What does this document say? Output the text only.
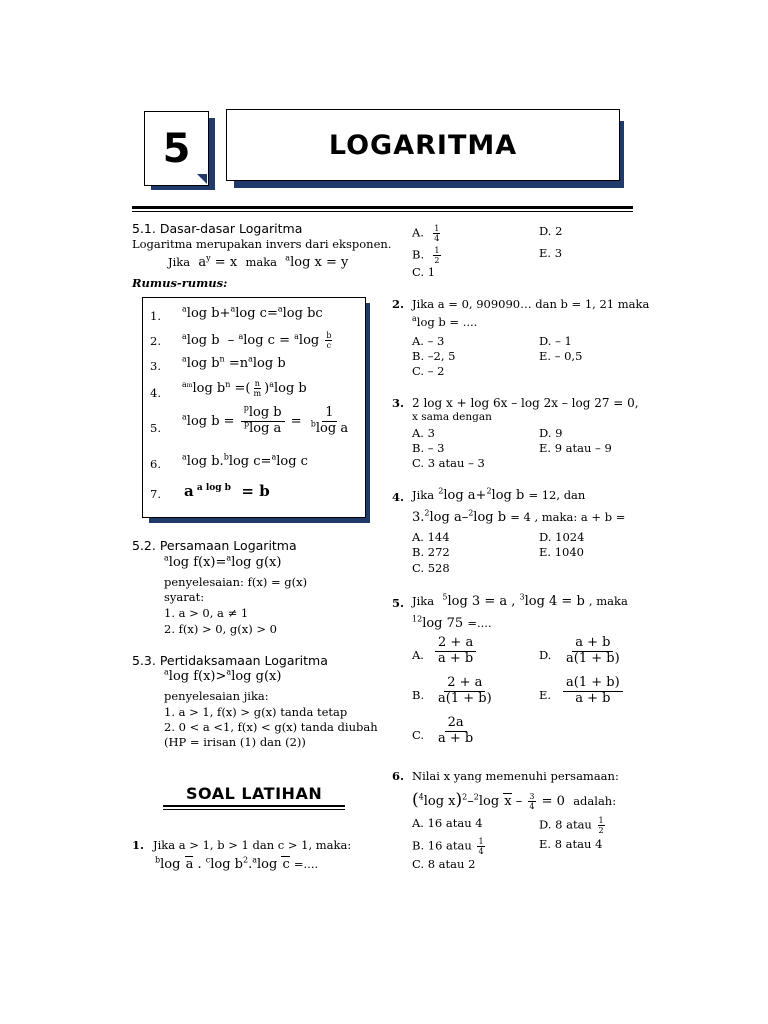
5	LOGARITMA
5.1. Dasar-dasar Logaritma
Logaritma merupakan invers dari eksponen.
Jika  $a^y = x$  maka $^a$log x = y
Rumus-rumus:
1.	$^a$log b+$^a$log c=$^a$log bc
2.	$^a$log b  – $^a$log $c = ^a\log \frac{b}{c}$
3.	$^a$log $b^n =n^a\log$ b
4.
$^{am}$log $b^n$ =( $\frac{n}{m} )^a\log$ b
5.
$^a$log $b = \frac{^p\log b}{^p\log a} = \frac{1}{^b\log a}$
6.	$^a$log b.$^b$log c=$^a$log c
7. a $^{a log b}$  = b
5.2. Persamaan Logaritma
$^a$log f(x)=$^a$log g(x)
penyelesaian: f(x) = g(x)
syarat:
1. a > 0, a ≠ 1
2. f(x) > 0, g(x) > 0
5.3. Pertidaksamaan Logaritma
$^a$log f(x)>$^a$log g(x)
penyelesaian jika:
1. a > 1, f(x) > g(x) tanda tetap
2. 0 < a <1, f(x) < g(x) tanda diubah
(HP = irisan (1) dan (2))
SOAL LATIHAN
1. Jika a > 1, b > 1 dan c > 1, maka:
$^b$log a . $^c$log $b^2.^a\log$ c =....
A. $\frac{1}{4}$	D. 2
B. $\frac{1}{2}$	E. 3
C. 1
2. Jika a = 0, 909090… dan b = 1, 21 maka
$^a$log b = ....
A. – 3	D. – 1
B. –2, 5	E. – 0,5
C. – 2
3. 2 log x + log 6x – log 2x – log 27 = 0,
x sama dengan
A. 3	D. 9
B. – 3	E. 9 atau – 9
C. 3 atau – 3
4. Jika $^2$log a+$^2$log b = 12, dan
3.$^2$log a–$^2$log b = 4 , maka: a + b =
A. 144	D. 1024
B. 272	E. 1040
C. 528
5. Jika $^5$log 3 = a , $^3$log 4 = b , maka
$^{12}$log 75 =....
A. $\frac{2 + a}{a + b}$	D. $\frac{a + b}{a(1 + b)}$
B. $\frac{2 + a}{a(1 + b)}$	E. $\frac{a(1 + b)}{a + b}$
C. $\frac{2a}{a + b}$
6. Nilai x yang memenuhi persamaan:
($^4$log x)$^2$–$^2$log $x - \frac{3}{4} = 0$  adalah:
A. 16 atau 4	D. 8 atau $\frac{1}{2}$
B. 16 atau $\frac{1}{4}$	E. 8 atau 4
C. 8 atau 2
